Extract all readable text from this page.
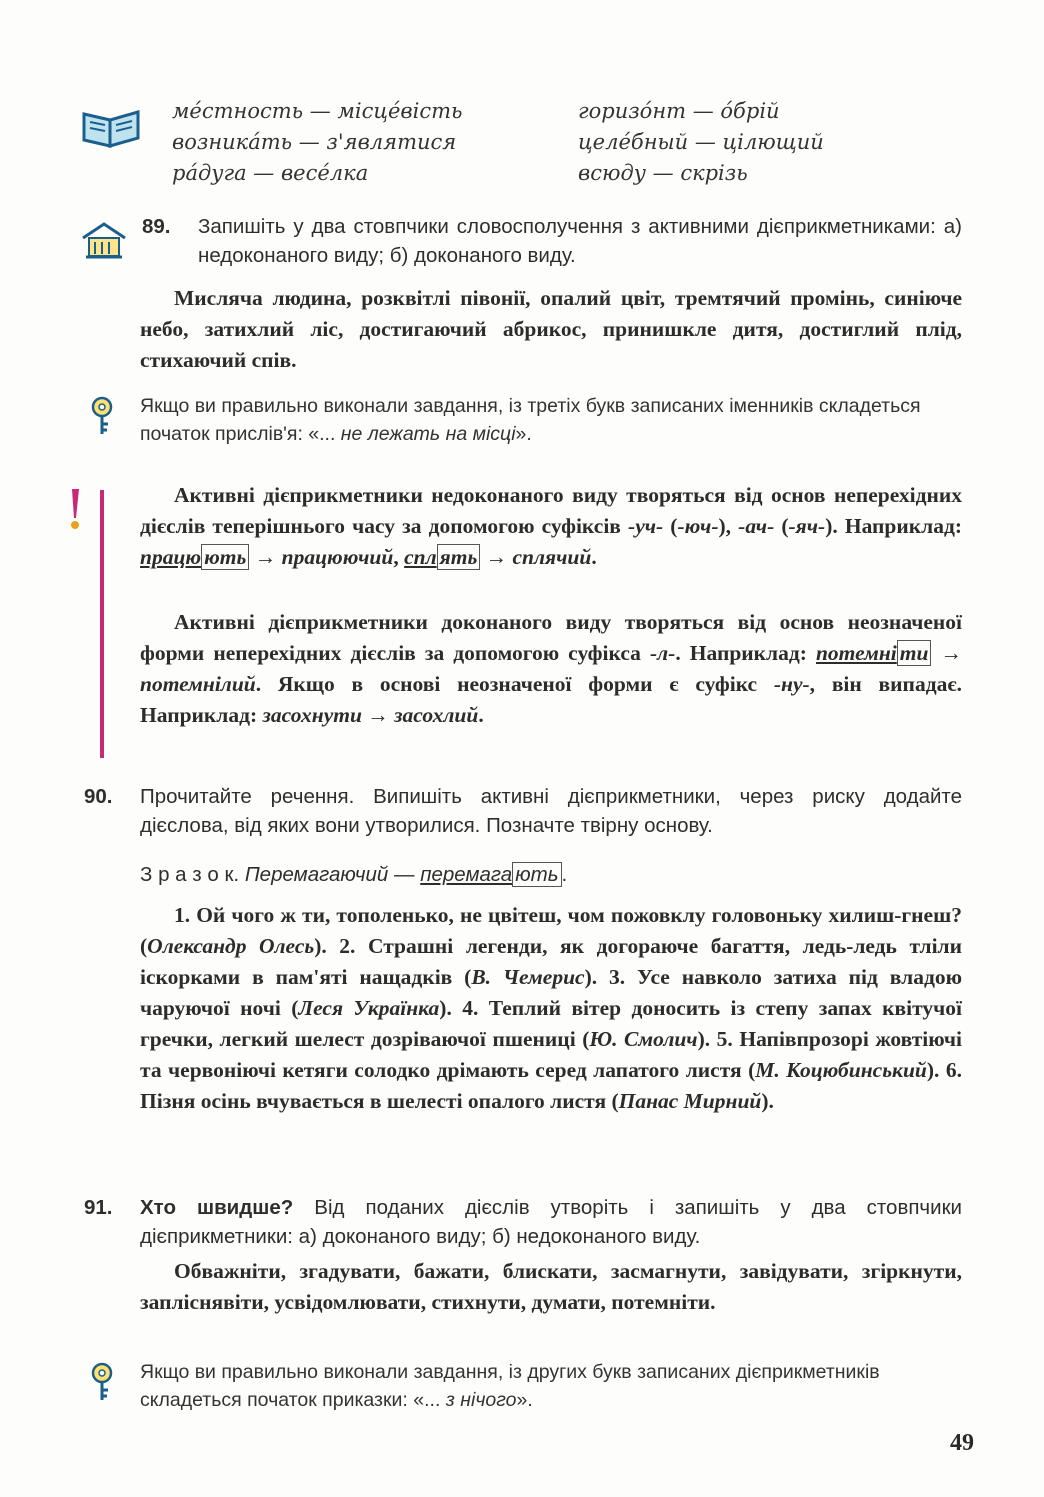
мéстность — місцéвість
возникáть — з'являтися
рáдуга — весéлка
горизóнт — óбрій
целéбный — цілющий
всюду — скрізь
89.	Запишіть у два стовпчики словосполучення з активними дієприкметниками: а) недоконаного виду; б) доконаного виду.
Мисляча людина, розквітлі півонії, опалий цвіт, тремтячий промінь, синіюче небо, затихлий ліс, достигаючий абрикос, принишкле дитя, достиглий плід, стихаючий спів.
Якщо ви правильно виконали завдання, із третіх букв записаних іменників складеться початок прислів'я: «... не лежать на місці».
Активні дієприкметники недоконаного виду творяться від основ неперехідних дієслів теперішнього часу за допомогою суфіксів -уч- (-юч-), -ач- (-яч-). Наприклад: працю ють → працюючий, спл ять → сплячий.
Активні дієприкметники доконаного виду творяться від основ неозначеної форми неперехідних дієслів за допомогою суфікса -л-. Наприклад: потемні ти → потемнілий. Якщо в основі неозначеної форми є суфікс -ну-, він випадає. Наприклад: засохнути → засохлий.
90.	Прочитайте речення. Випишіть активні дієприкметники, через риску додайте дієслова, від яких вони утворилися. Позначте твірну основу.
З р а з о к. Перемагаючий — перемага ють .
1. Ой чого ж ти, тополенько, не цвітеш, чом пожовклу головоньку хилиш-гнеш? (Олександр Олесь). 2. Страшні легенди, як догораюче багаття, ледь-ледь тліли іскорками в пам'яті нащадків (В. Чемерис). 3. Усе навколо затиха під владою чаруючої ночі (Леся Українка). 4. Теплий вітер доносить із степу запах квітучої гречки, легкий шелест дозріваючої пшениці (Ю. Смолич). 5. Напівпрозорі жовтіючі та червоніючі кетяги солодко дрімають серед лапатого листя (М. Коцюбинський). 6. Пізня осінь вчувається в шелесті опалого листя (Панас Мирний).
91.	Хто швидше? Від поданих дієслів утворіть і запишіть у два стовпчики дієприкметники: а) доконаного виду; б) недоконаного виду.
Обважніти, згадувати, бажати, блискати, засмагнути, завідувати, згіркнути, запліснявіти, усвідомлювати, стихнути, думати, потемніти.
Якщо ви правильно виконали завдання, із других букв записаних дієприкметників складеться початок приказки: «... з нічого».
49
